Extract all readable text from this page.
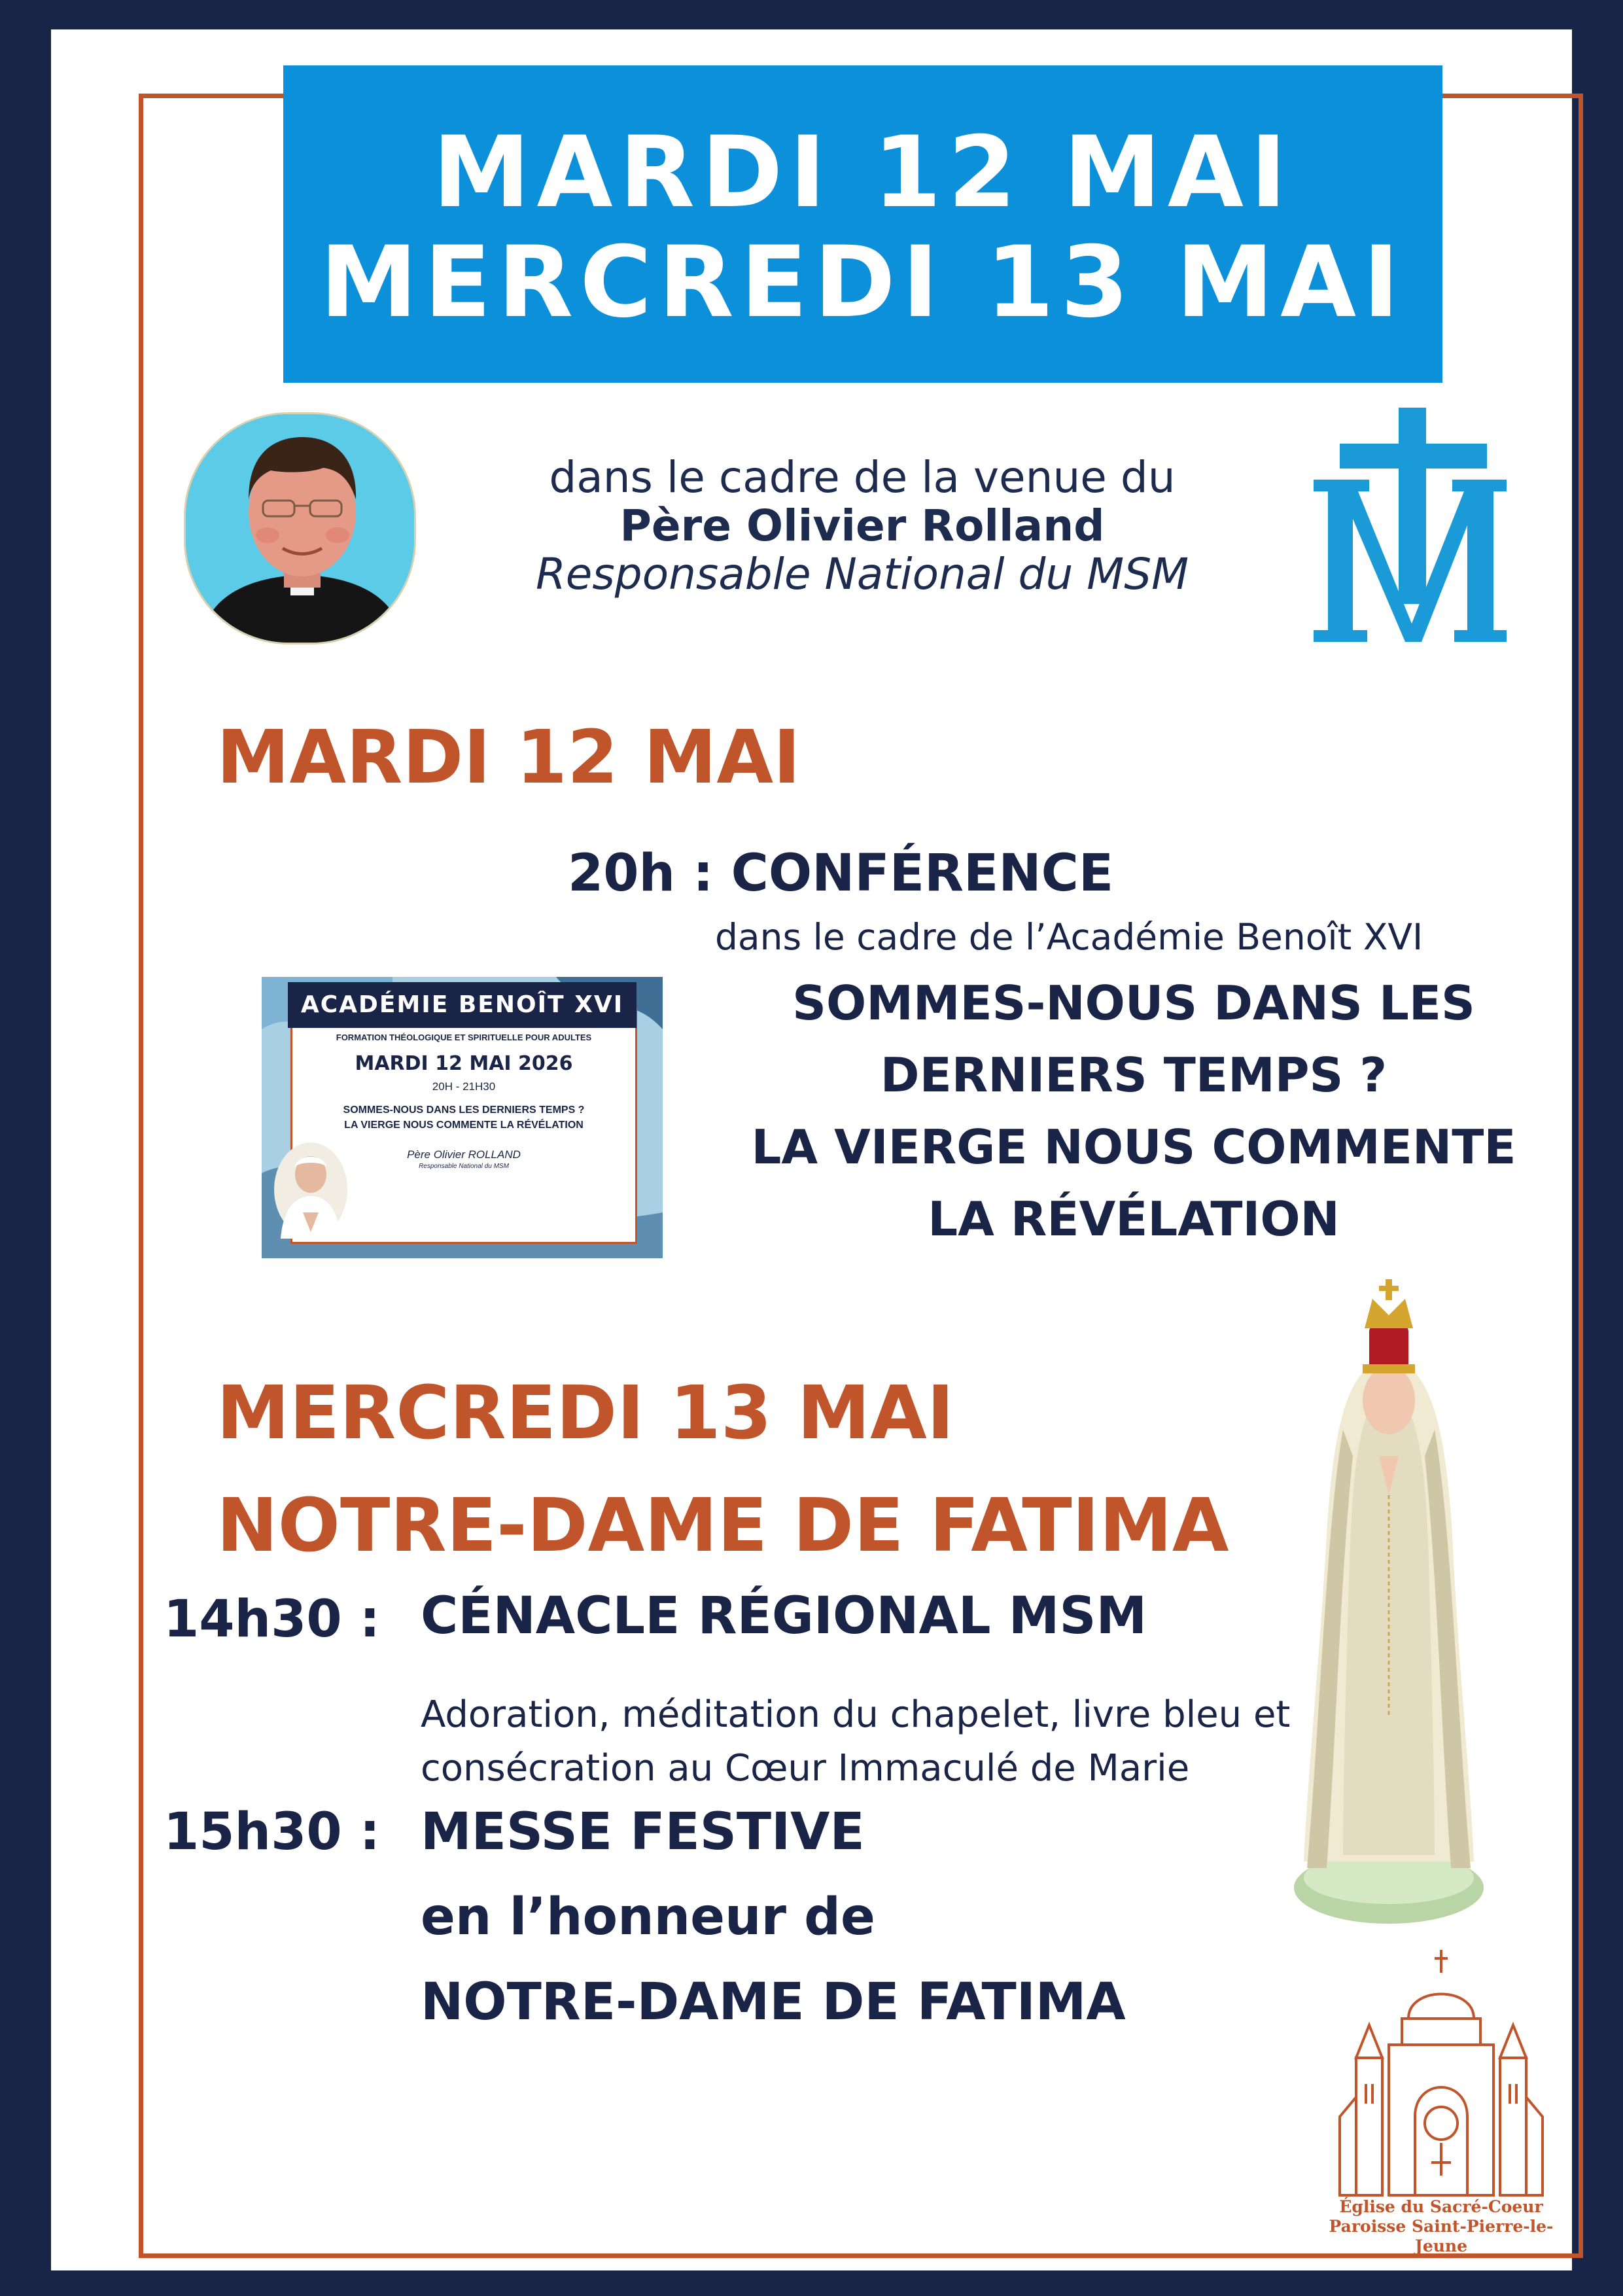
MARDI 12 MAI
MERCREDI 13 MAI
dans le cadre de la venue du
Père Olivier Rolland
Responsable National du MSM
MARDI 12 MAI
20h : CONFÉRENCE
dans le cadre de l’Académie Benoît XVI
SOMMES-NOUS DANS LES
DERNIERS TEMPS ?
LA VIERGE NOUS COMMENTE
LA RÉVÉLATION
ACADÉMIE BENOÎT XVI
FORMATION THÉOLOGIQUE ET SPIRITUELLE POUR ADULTES
MARDI 12 MAI 2026
20H - 21H30
SOMMES-NOUS DANS LES DERNIERS TEMPS ?
LA VIERGE NOUS COMMENTE LA RÉVÉLATION
Père Olivier ROLLAND
Responsable National du MSM
MERCREDI 13 MAI
NOTRE-DAME DE FATIMA
14h30 : CÉNACLE RÉGIONAL MSM
Adoration, méditation du chapelet, livre bleu et
consécration au Cœur Immaculé de Marie
15h30 : MESSE FESTIVE
en l’honneur de
NOTRE-DAME DE FATIMA
Église du Sacré-Coeur
Paroisse Saint-Pierre-le-Jeune
